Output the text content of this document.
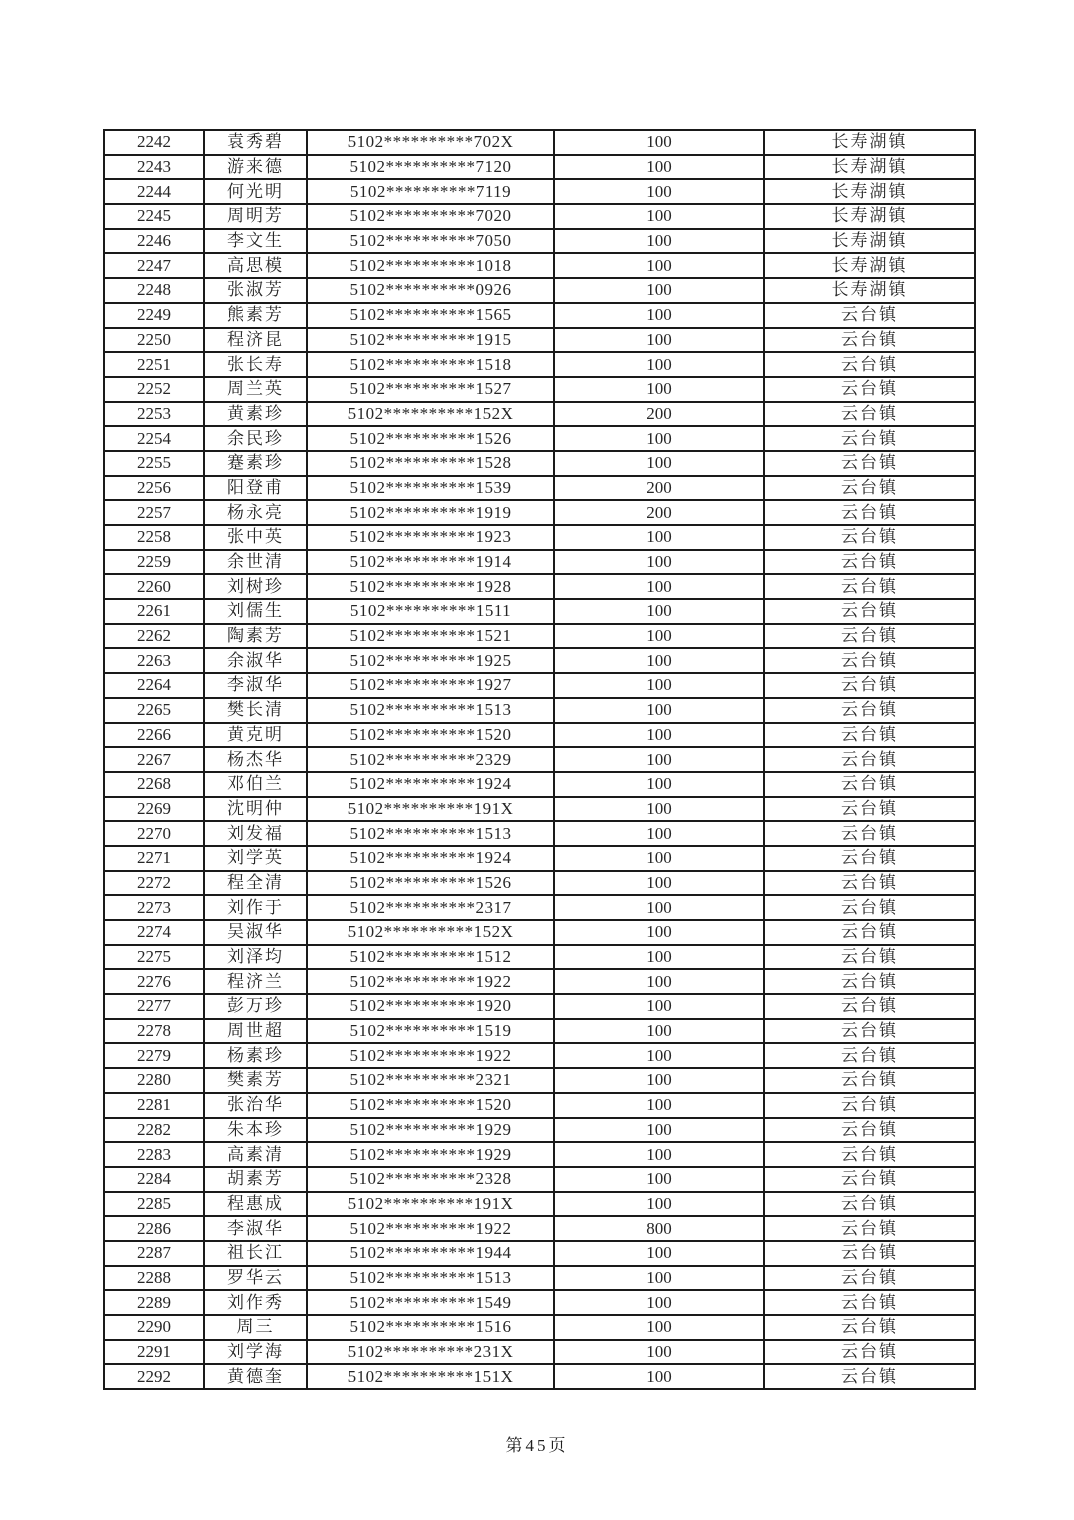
2242	袁秀碧	5102**********702X	100	长寿湖镇
2243	游来德	5102**********7120	100	长寿湖镇
2244	何光明	5102**********7119	100	长寿湖镇
2245	周明芳	5102**********7020	100	长寿湖镇
2246	李文生	5102**********7050	100	长寿湖镇
2247	高思模	5102**********1018	100	长寿湖镇
2248	张淑芳	5102**********0926	100	长寿湖镇
2249	熊素芳	5102**********1565	100	云台镇
2250	程济昆	5102**********1915	100	云台镇
2251	张长寿	5102**********1518	100	云台镇
2252	周兰英	5102**********1527	100	云台镇
2253	黄素珍	5102**********152X	200	云台镇
2254	余民珍	5102**********1526	100	云台镇
2255	蹇素珍	5102**********1528	100	云台镇
2256	阳登甫	5102**********1539	200	云台镇
2257	杨永亮	5102**********1919	200	云台镇
2258	张中英	5102**********1923	100	云台镇
2259	余世清	5102**********1914	100	云台镇
2260	刘树珍	5102**********1928	100	云台镇
2261	刘儒生	5102**********1511	100	云台镇
2262	陶素芳	5102**********1521	100	云台镇
2263	余淑华	5102**********1925	100	云台镇
2264	李淑华	5102**********1927	100	云台镇
2265	樊长清	5102**********1513	100	云台镇
2266	黄克明	5102**********1520	100	云台镇
2267	杨杰华	5102**********2329	100	云台镇
2268	邓伯兰	5102**********1924	100	云台镇
2269	沈明仲	5102**********191X	100	云台镇
2270	刘发福	5102**********1513	100	云台镇
2271	刘学英	5102**********1924	100	云台镇
2272	程全清	5102**********1526	100	云台镇
2273	刘作于	5102**********2317	100	云台镇
2274	吴淑华	5102**********152X	100	云台镇
2275	刘泽均	5102**********1512	100	云台镇
2276	程济兰	5102**********1922	100	云台镇
2277	彭万珍	5102**********1920	100	云台镇
2278	周世超	5102**********1519	100	云台镇
2279	杨素珍	5102**********1922	100	云台镇
2280	樊素芳	5102**********2321	100	云台镇
2281	张治华	5102**********1520	100	云台镇
2282	朱本珍	5102**********1929	100	云台镇
2283	高素清	5102**********1929	100	云台镇
2284	胡素芳	5102**********2328	100	云台镇
2285	程惠成	5102**********191X	100	云台镇
2286	李淑华	5102**********1922	800	云台镇
2287	祖长江	5102**********1944	100	云台镇
2288	罗华云	5102**********1513	100	云台镇
2289	刘作秀	5102**********1549	100	云台镇
2290	周三	5102**********1516	100	云台镇
2291	刘学海	5102**********231X	100	云台镇
2292	黄德奎	5102**********151X	100	云台镇
第45页
